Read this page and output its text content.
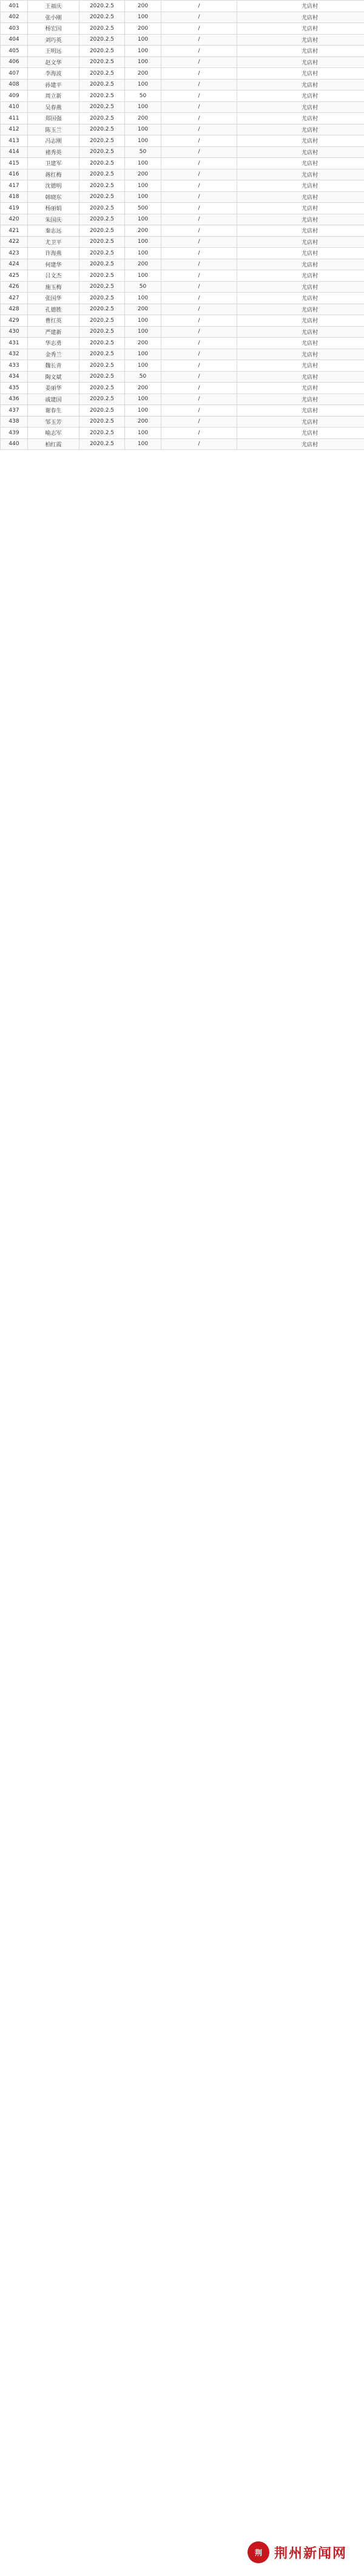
401	王福庆	2020.2.5	200	/	尤店村
402	张小刚	2020.2.5	100	/	尤店村
403	杨宏国	2020.2.5	200	/	尤店村
404	刘巧英	2020.2.5	100	/	尤店村
405	王明远	2020.2.5	100	/	尤店村
406	赵文华	2020.2.5	100	/	尤店村
407	李海波	2020.2.5	200	/	尤店村
408	孙建平	2020.2.5	100	/	尤店村
409	周立新	2020.2.5	50	/	尤店村
410	吴春燕	2020.2.5	100	/	尤店村
411	郑国强	2020.2.5	200	/	尤店村
412	陈玉兰	2020.2.5	100	/	尤店村
413	冯志刚	2020.2.5	100	/	尤店村
414	褚秀英	2020.2.5	50	/	尤店村
415	卫建军	2020.2.5	100	/	尤店村
416	蒋红梅	2020.2.5	200	/	尤店村
417	沈德明	2020.2.5	100	/	尤店村
418	韩晓东	2020.2.5	100	/	尤店村
419	杨丽娟	2020.2.5	500	/	尤店村
420	朱国庆	2020.2.5	100	/	尤店村
421	秦志远	2020.2.5	200	/	尤店村
422	尤卫平	2020.2.5	100	/	尤店村
423	许海燕	2020.2.5	100	/	尤店村
424	何建华	2020.2.5	200	/	尤店村
425	吕文杰	2020.2.5	100	/	尤店村
426	施玉梅	2020.2.5	50	/	尤店村
427	张国华	2020.2.5	100	/	尤店村
428	孔德胜	2020.2.5	200	/	尤店村
429	曹红英	2020.2.5	100	/	尤店村
430	严建新	2020.2.5	100	/	尤店村
431	华志勇	2020.2.5	200	/	尤店村
432	金秀兰	2020.2.5	100	/	尤店村
433	魏长青	2020.2.5	100	/	尤店村
434	陶文斌	2020.2.5	50	/	尤店村
435	姜丽华	2020.2.5	200	/	尤店村
436	戚建国	2020.2.5	100	/	尤店村
437	谢春生	2020.2.5	100	/	尤店村
438	邹玉芳	2020.2.5	200	/	尤店村
439	喻志军	2020.2.5	100	/	尤店村
440	柏红霞	2020.2.5	100	/	尤店村
荆 荆州新闻网
